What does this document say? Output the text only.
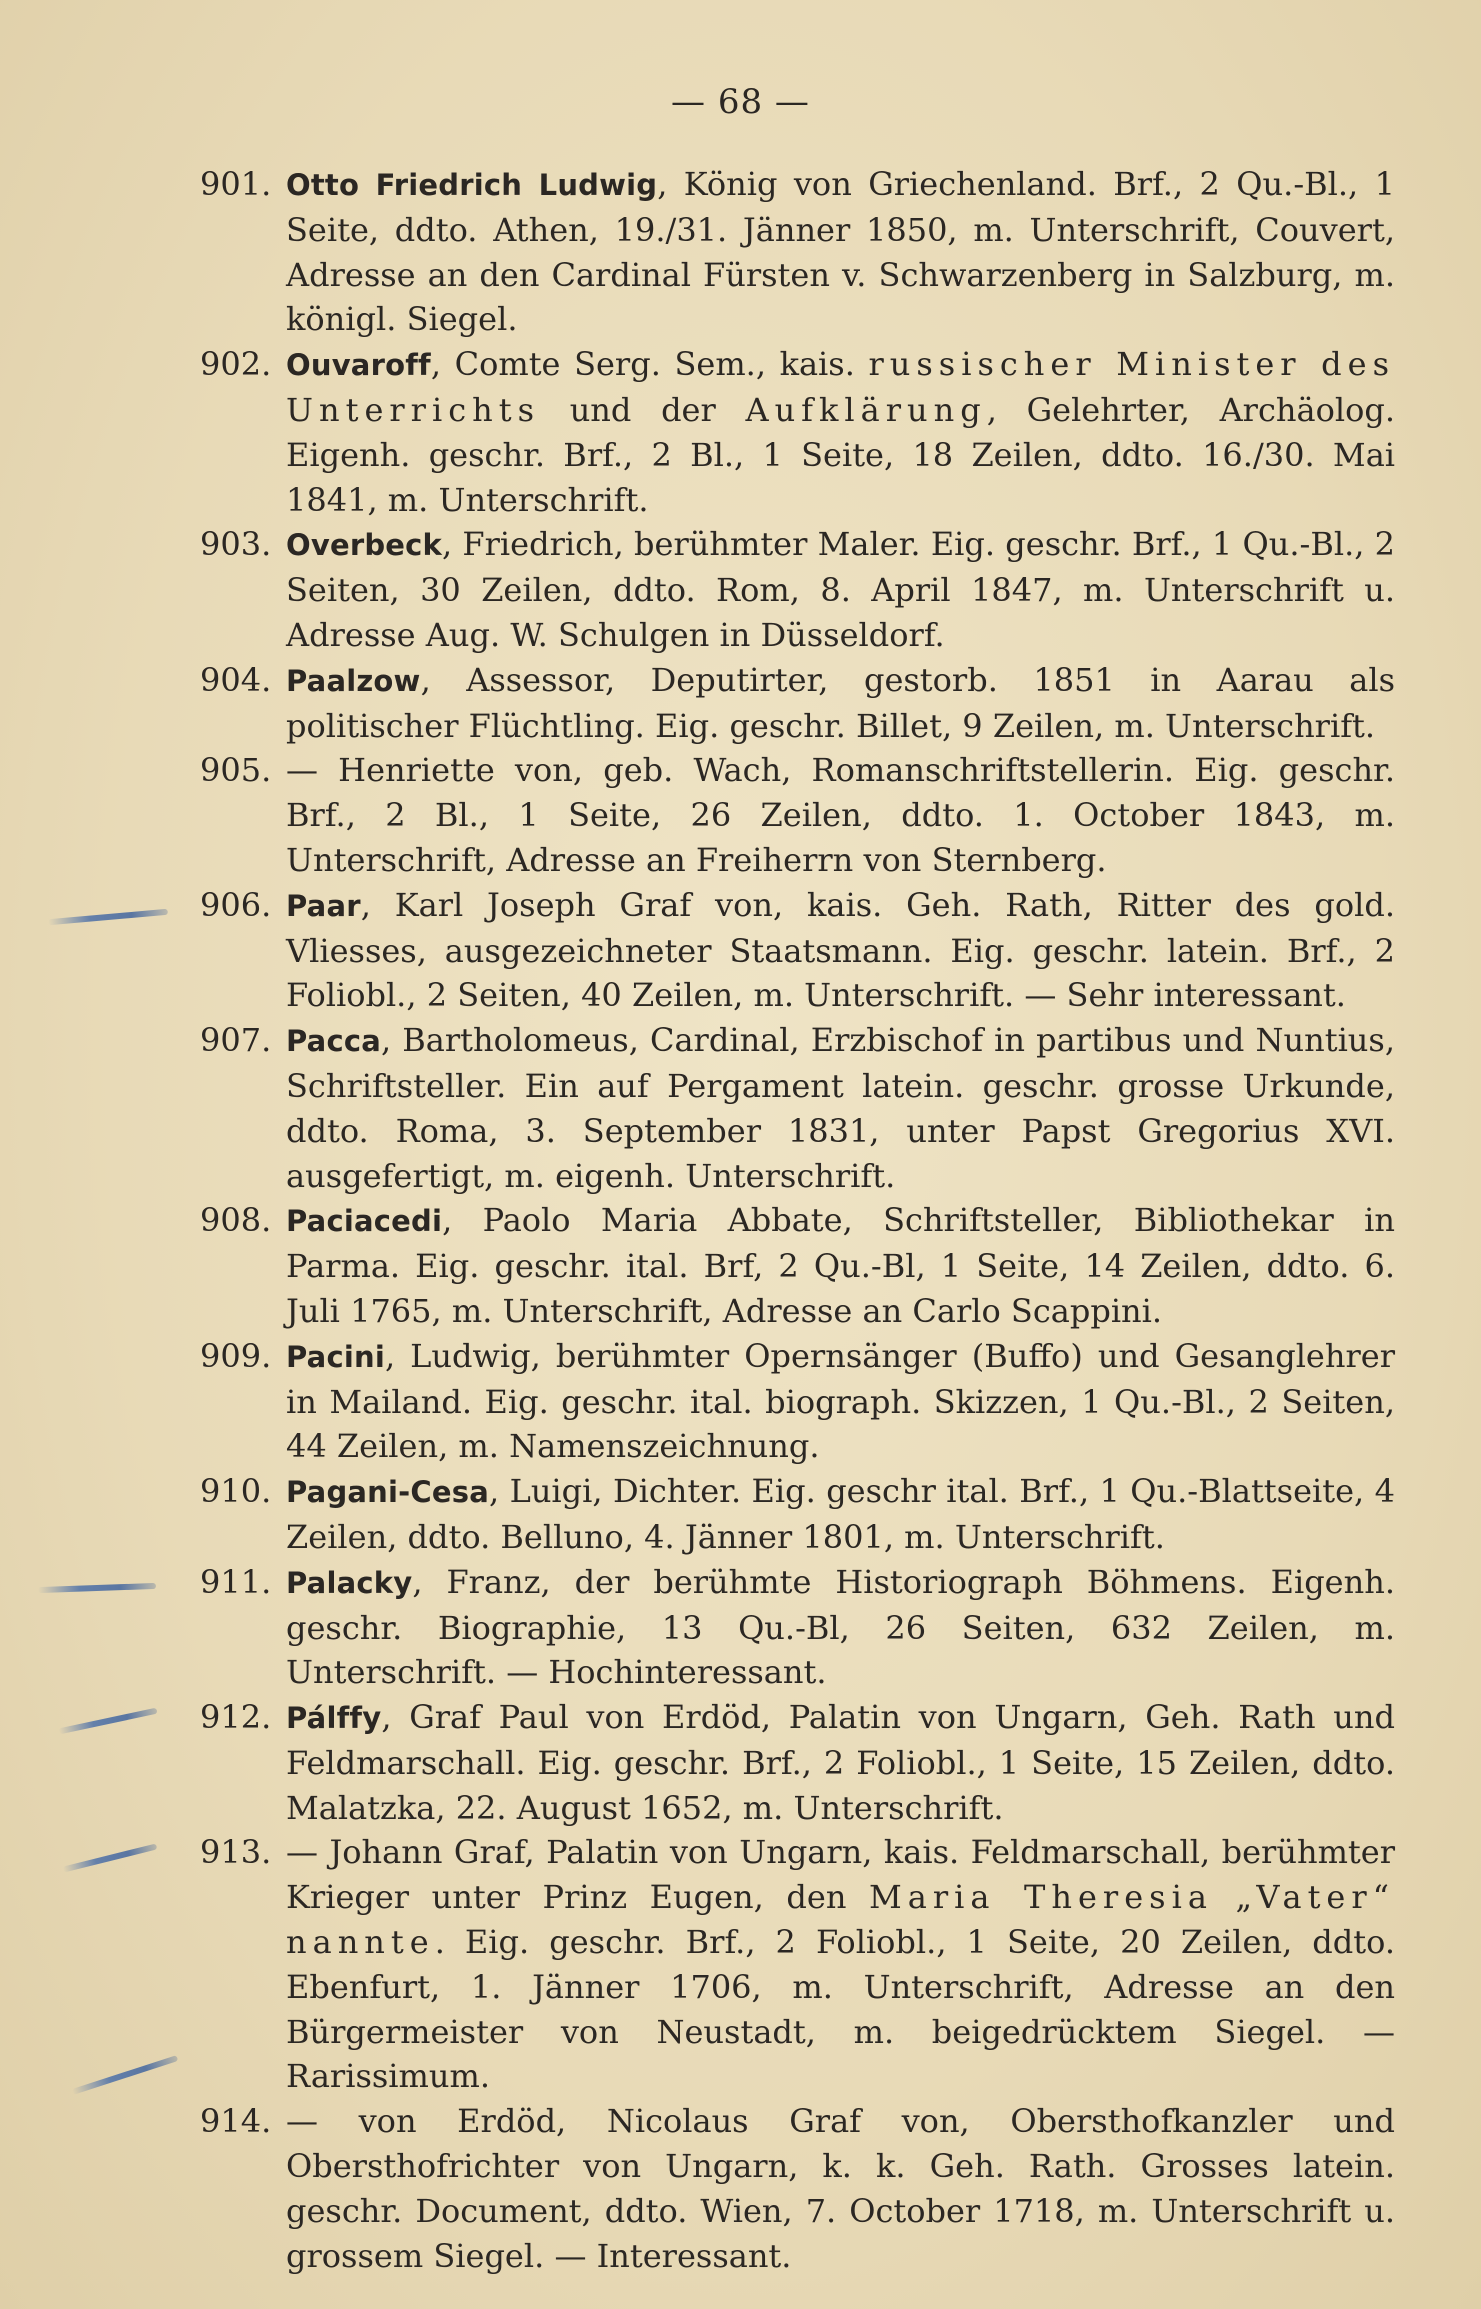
— 68 —
901. Otto Friedrich Ludwig, König von Griechenland. Brf., 2 Qu.-Bl., 1 Seite, ddto. Athen, 19./31. Jänner 1850, m. Unterschrift, Couvert, Adresse an den Cardinal Fürsten v. Schwarzenberg in Salzburg, m. königl. Siegel.
902. Ouvaroff, Comte Serg. Sem., kais. russischer Minister des Unterrichts und der Aufklärung, Gelehrter, Archäolog. Eigenh. geschr. Brf., 2 Bl., 1 Seite, 18 Zeilen, ddto. 16./30. Mai 1841, m. Unterschrift.
903. Overbeck, Friedrich, berühmter Maler. Eig. geschr. Brf., 1 Qu.-Bl., 2 Seiten, 30 Zeilen, ddto. Rom, 8. April 1847, m. Unterschrift u. Adresse Aug. W. Schulgen in Düsseldorf.
904. Paalzow, Assessor, Deputirter, gestorb. 1851 in Aarau als politischer Flüchtling. Eig. geschr. Billet, 9 Zeilen, m. Unterschrift.
905. — Henriette von, geb. Wach, Romanschriftstellerin. Eig. geschr. Brf., 2 Bl., 1 Seite, 26 Zeilen, ddto. 1. October 1843, m. Unterschrift, Adresse an Freiherrn von Sternberg.
906. Paar, Karl Joseph Graf von, kais. Geh. Rath, Ritter des gold. Vliesses, ausgezeichneter Staatsmann. Eig. geschr. latein. Brf., 2 Foliobl., 2 Seiten, 40 Zeilen, m. Unterschrift. — Sehr interessant.
907. Pacca, Bartholomeus, Cardinal, Erzbischof in partibus und Nuntius, Schriftsteller. Ein auf Pergament latein. geschr. grosse Urkunde, ddto. Roma, 3. September 1831, unter Papst Gregorius XVI. ausgefertigt, m. eigenh. Unterschrift.
908. Paciacedi, Paolo Maria Abbate, Schriftsteller, Bibliothekar in Parma. Eig. geschr. ital. Brf, 2 Qu.-Bl, 1 Seite, 14 Zeilen, ddto. 6. Juli 1765, m. Unterschrift, Adresse an Carlo Scappini.
909. Pacini, Ludwig, berühmter Opernsänger (Buffo) und Gesanglehrer in Mailand. Eig. geschr. ital. biograph. Skizzen, 1 Qu.-Bl., 2 Seiten, 44 Zeilen, m. Namenszeichnung.
910. Pagani-Cesa, Luigi, Dichter. Eig. geschr ital. Brf., 1 Qu.-Blattseite, 4 Zeilen, ddto. Belluno, 4. Jänner 1801, m. Unterschrift.
911. Palacky, Franz, der berühmte Historiograph Böhmens. Eigenh. geschr. Biographie, 13 Qu.-Bl, 26 Seiten, 632 Zeilen, m. Unterschrift. — Hochinteressant.
912. Pálffy, Graf Paul von Erdöd, Palatin von Ungarn, Geh. Rath und Feldmarschall. Eig. geschr. Brf., 2 Foliobl., 1 Seite, 15 Zeilen, ddto. Malatzka, 22. August 1652, m. Unterschrift.
913. — Johann Graf, Palatin von Ungarn, kais. Feldmarschall, berühmter Krieger unter Prinz Eugen, den Maria Theresia „Vater“ nannte. Eig. geschr. Brf., 2 Foliobl., 1 Seite, 20 Zeilen, ddto. Ebenfurt, 1. Jänner 1706, m. Unterschrift, Adresse an den Bürgermeister von Neustadt, m. beigedrücktem Siegel. — Rarissimum.
914. — von Erdöd, Nicolaus Graf von, Obersthofkanzler und Obersthofrichter von Ungarn, k. k. Geh. Rath. Grosses latein. geschr. Document, ddto. Wien, 7. October 1718, m. Unterschrift u. grossem Siegel. — Interessant.
